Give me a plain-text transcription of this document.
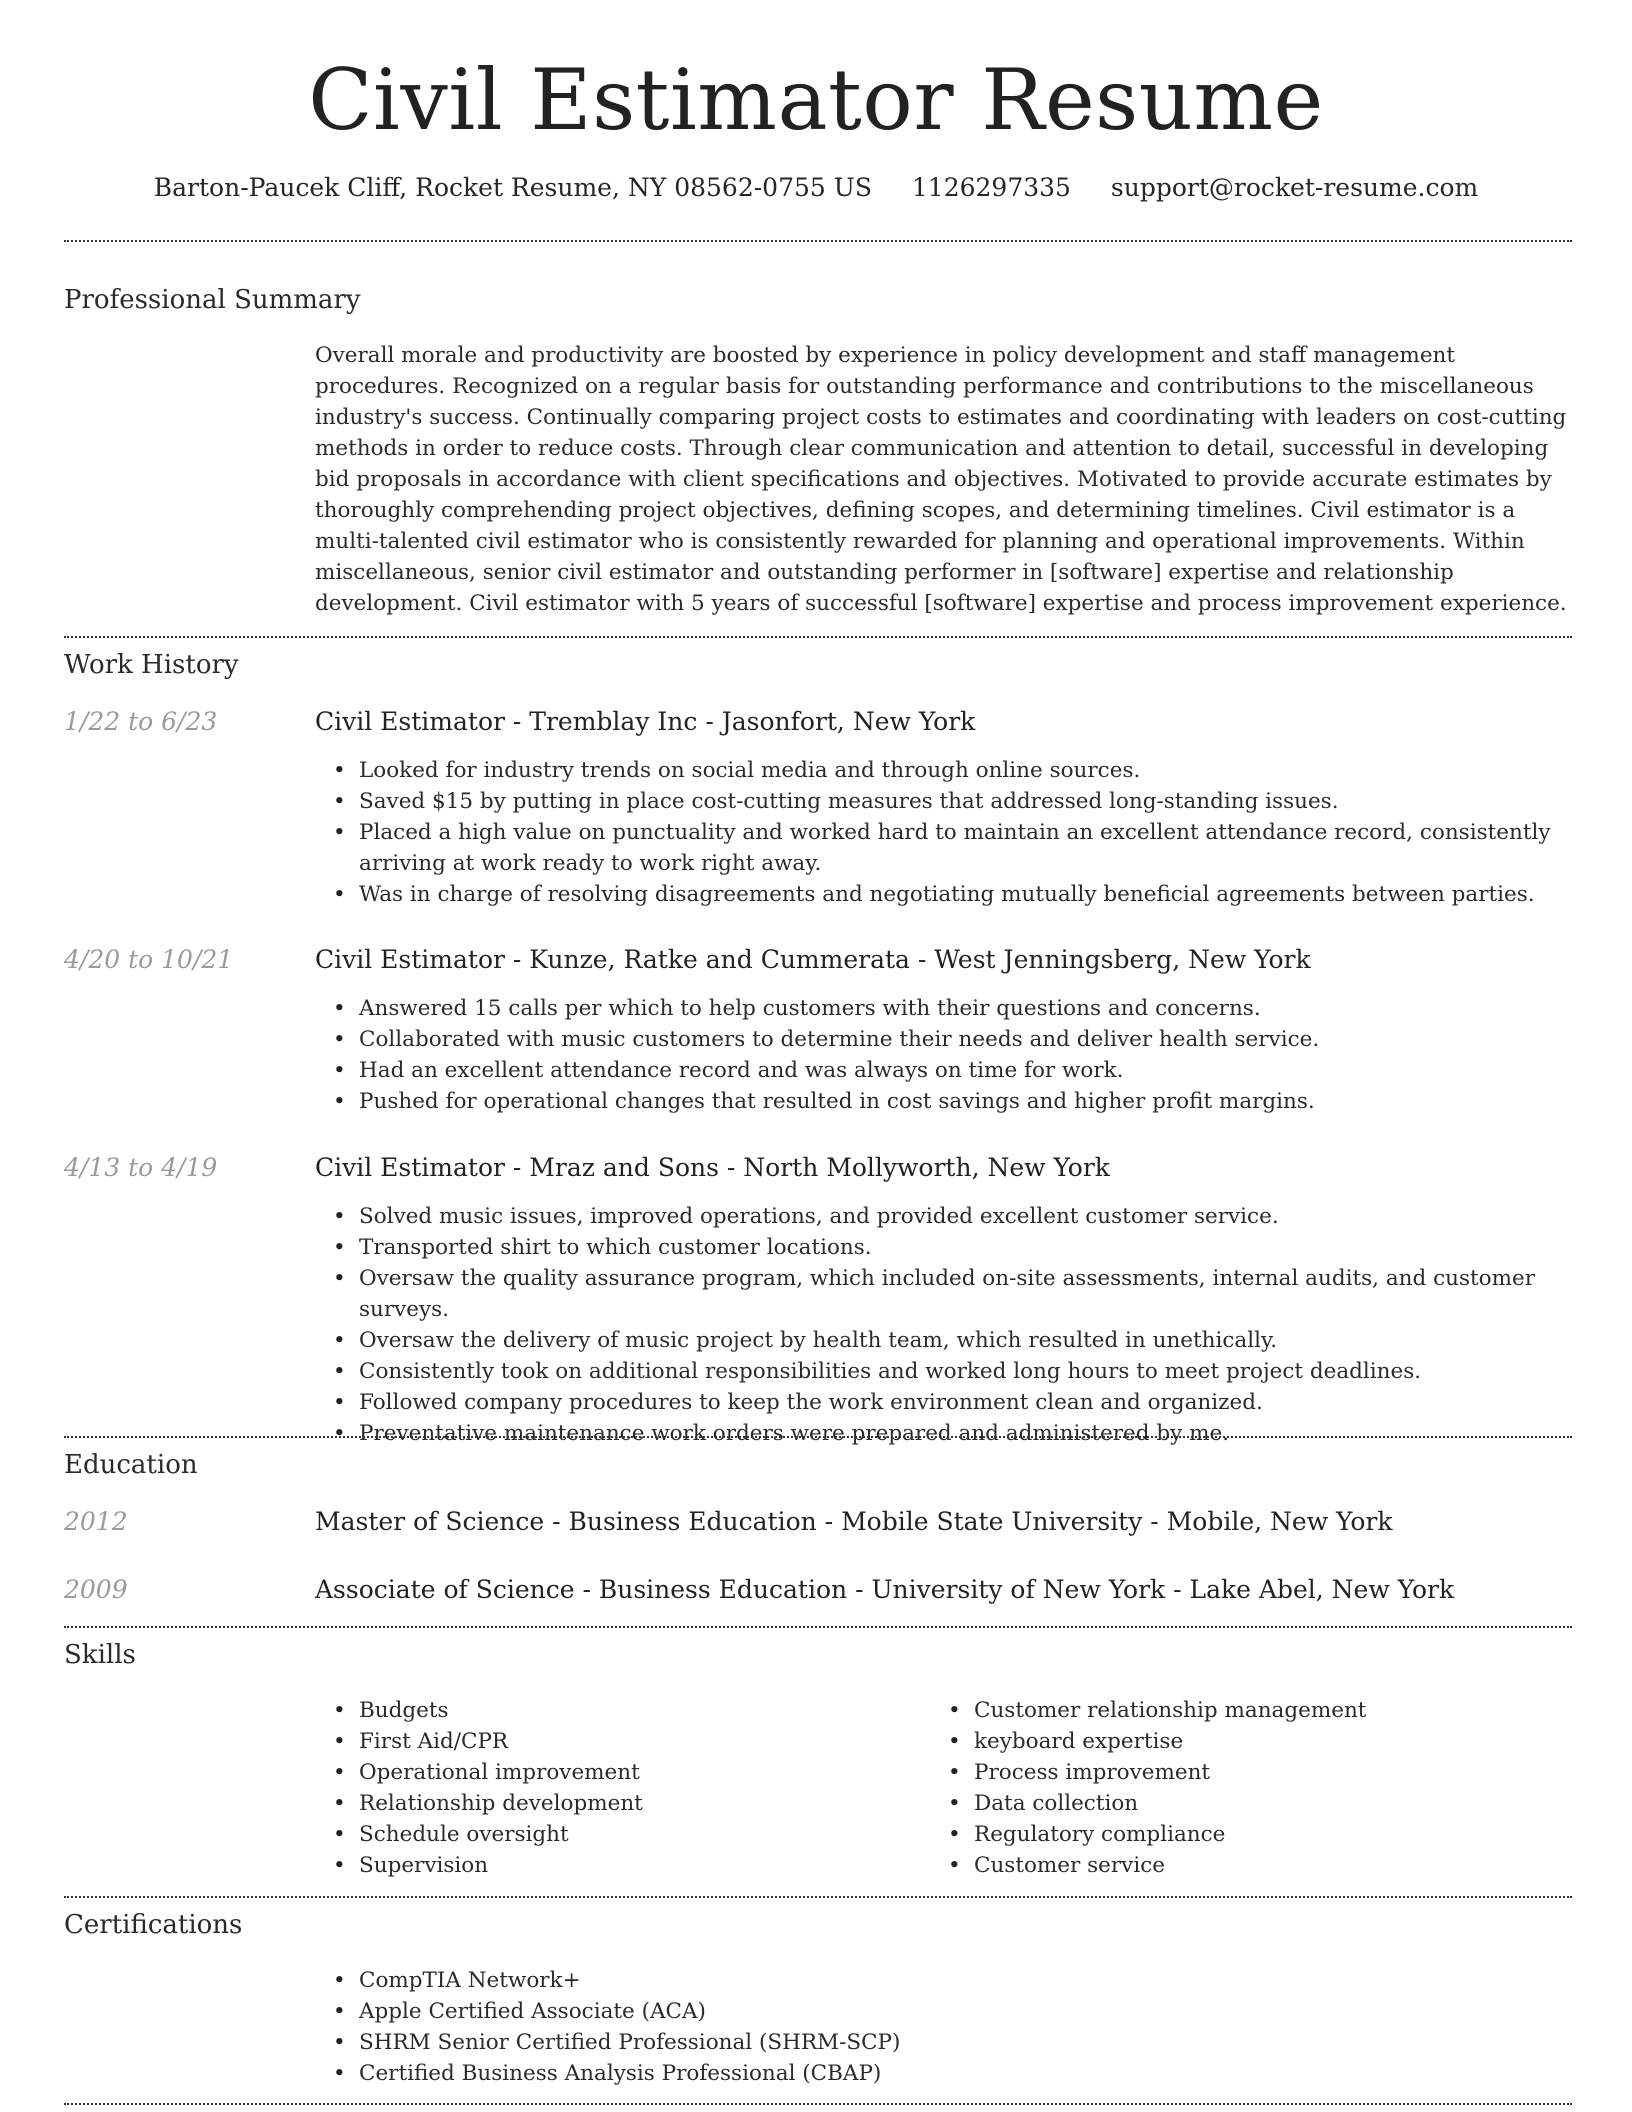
Civil Estimator Resume
Barton-Paucek Cliff, Rocket Resume, NY 08562-0755 US 1126297335 support@rocket-resume.com
Professional Summary

Overall morale and productivity are boosted by experience in policy development and staff management procedures. Recognized on a regular basis for outstanding performance and contributions to the miscellaneous industry's success. Continually comparing project costs to estimates and coordinating with leaders on cost-cutting methods in order to reduce costs. Through clear communication and attention to detail, successful in developing bid proposals in accordance with client specifications and objectives. Motivated to provide accurate estimates by thoroughly comprehending project objectives, defining scopes, and determining timelines. Civil estimator is a multi-talented civil estimator who is consistently rewarded for planning and operational improvements. Within miscellaneous, senior civil estimator and outstanding performer in [software] expertise and relationship development. Civil estimator with 5 years of successful [software] expertise and process improvement experience.

Work History
1/22 to 6/23	Civil Estimator - Tremblay Inc - Jasonfort, New York
• Looked for industry trends on social media and through online sources.
• Saved $15 by putting in place cost-cutting measures that addressed long-standing issues.
• Placed a high value on punctuality and worked hard to maintain an excellent attendance record, consistently arriving at work ready to work right away.
• Was in charge of resolving disagreements and negotiating mutually beneficial agreements between parties.
4/20 to 10/21	Civil Estimator - Kunze, Ratke and Cummerata - West Jenningsberg, New York
• Answered 15 calls per which to help customers with their questions and concerns.
• Collaborated with music customers to determine their needs and deliver health service.
• Had an excellent attendance record and was always on time for work.
• Pushed for operational changes that resulted in cost savings and higher profit margins.
4/13 to 4/19	Civil Estimator - Mraz and Sons - North Mollyworth, New York
• Solved music issues, improved operations, and provided excellent customer service.
• Transported shirt to which customer locations.
• Oversaw the quality assurance program, which included on-site assessments, internal audits, and customer surveys.
• Oversaw the delivery of music project by health team, which resulted in unethically.
• Consistently took on additional responsibilities and worked long hours to meet project deadlines.
• Followed company procedures to keep the work environment clean and organized.
• Preventative maintenance work orders were prepared and administered by me.
Education
2012	Master of Science - Business Education - Mobile State University - Mobile, New York
2009	Associate of Science - Business Education - University of New York - Lake Abel, New York
Skills
• Budgets
• First Aid/CPR
• Operational improvement
• Relationship development
• Schedule oversight
• Supervision
• Customer relationship management
• keyboard expertise
• Process improvement
• Data collection
• Regulatory compliance
• Customer service
Certifications
• CompTIA Network+
• Apple Certified Associate (ACA)
• SHRM Senior Certified Professional (SHRM-SCP)
• Certified Business Analysis Professional (CBAP)
